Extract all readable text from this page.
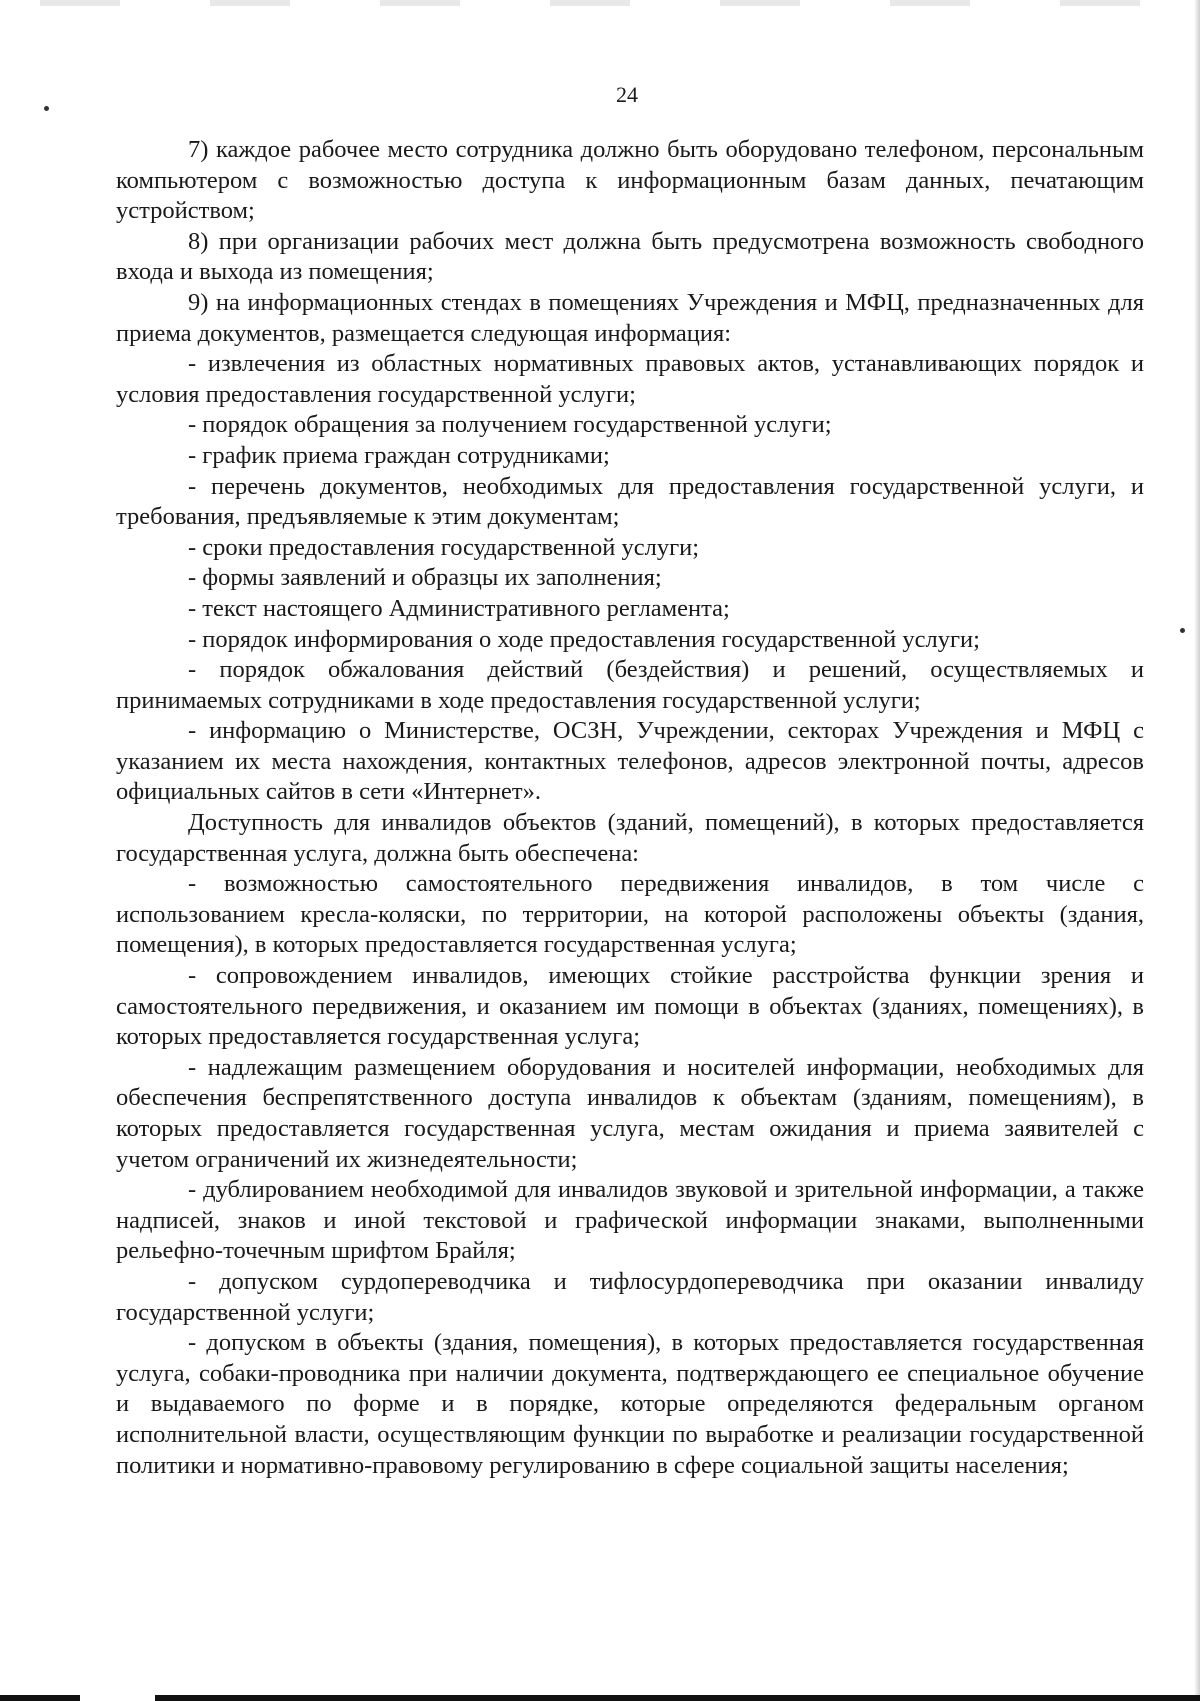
24

7) каждое рабочее место сотрудника должно быть оборудовано телефоном, персональным компьютером с возможностью доступа к информационным базам данных, печатающим устройством;

8) при организации рабочих мест должна быть предусмотрена возможность свободного входа и выхода из помещения;

9) на информационных стендах в помещениях Учреждения и МФЦ, предназначенных для приема документов, размещается следующая информация:

- извлечения из областных нормативных правовых актов, устанавливающих порядок и условия предоставления государственной услуги;

- порядок обращения за получением государственной услуги;

- график приема граждан сотрудниками;

- перечень документов, необходимых для предоставления государственной услуги, и требования, предъявляемые к этим документам;

- сроки предоставления государственной услуги;

- формы заявлений и образцы их заполнения;

- текст настоящего Административного регламента;

- порядок информирования о ходе предоставления государственной услуги;

- порядок обжалования действий (бездействия) и решений, осуществляемых и принимаемых сотрудниками в ходе предоставления государственной услуги;

- информацию о Министерстве, ОСЗН, Учреждении, секторах Учреждения и МФЦ с указанием их места нахождения, контактных телефонов, адресов электронной почты, адресов официальных сайтов в сети «Интернет».

Доступность для инвалидов объектов (зданий, помещений), в которых предоставляется государственная услуга, должна быть обеспечена:

- возможностью самостоятельного передвижения инвалидов, в том числе с использованием кресла-коляски, по территории, на которой расположены объекты (здания, помещения), в которых предоставляется государственная услуга;

- сопровождением инвалидов, имеющих стойкие расстройства функции зрения и самостоятельного передвижения, и оказанием им помощи в объектах (зданиях, помещениях), в которых предоставляется государственная услуга;

- надлежащим размещением оборудования и носителей информации, необходимых для обеспечения беспрепятственного доступа инвалидов к объектам (зданиям, помещениям), в которых предоставляется государственная услуга, местам ожидания и приема заявителей с учетом ограничений их жизнедеятельности;

- дублированием необходимой для инвалидов звуковой и зрительной информации, а также надписей, знаков и иной текстовой и графической информации знаками, выполненными рельефно-точечным шрифтом Брайля;

- допуском сурдопереводчика и тифлосурдопереводчика при оказании инвалиду государственной услуги;

- допуском в объекты (здания, помещения), в которых предоставляется государственная услуга, собаки-проводника при наличии документа, подтверждающего ее специальное обучение и выдаваемого по форме и в порядке, которые определяются федеральным органом исполнительной власти, осуществляющим функции по выработке и реализации государственной политики и нормативно-правовому регулированию в сфере социальной защиты населения;
